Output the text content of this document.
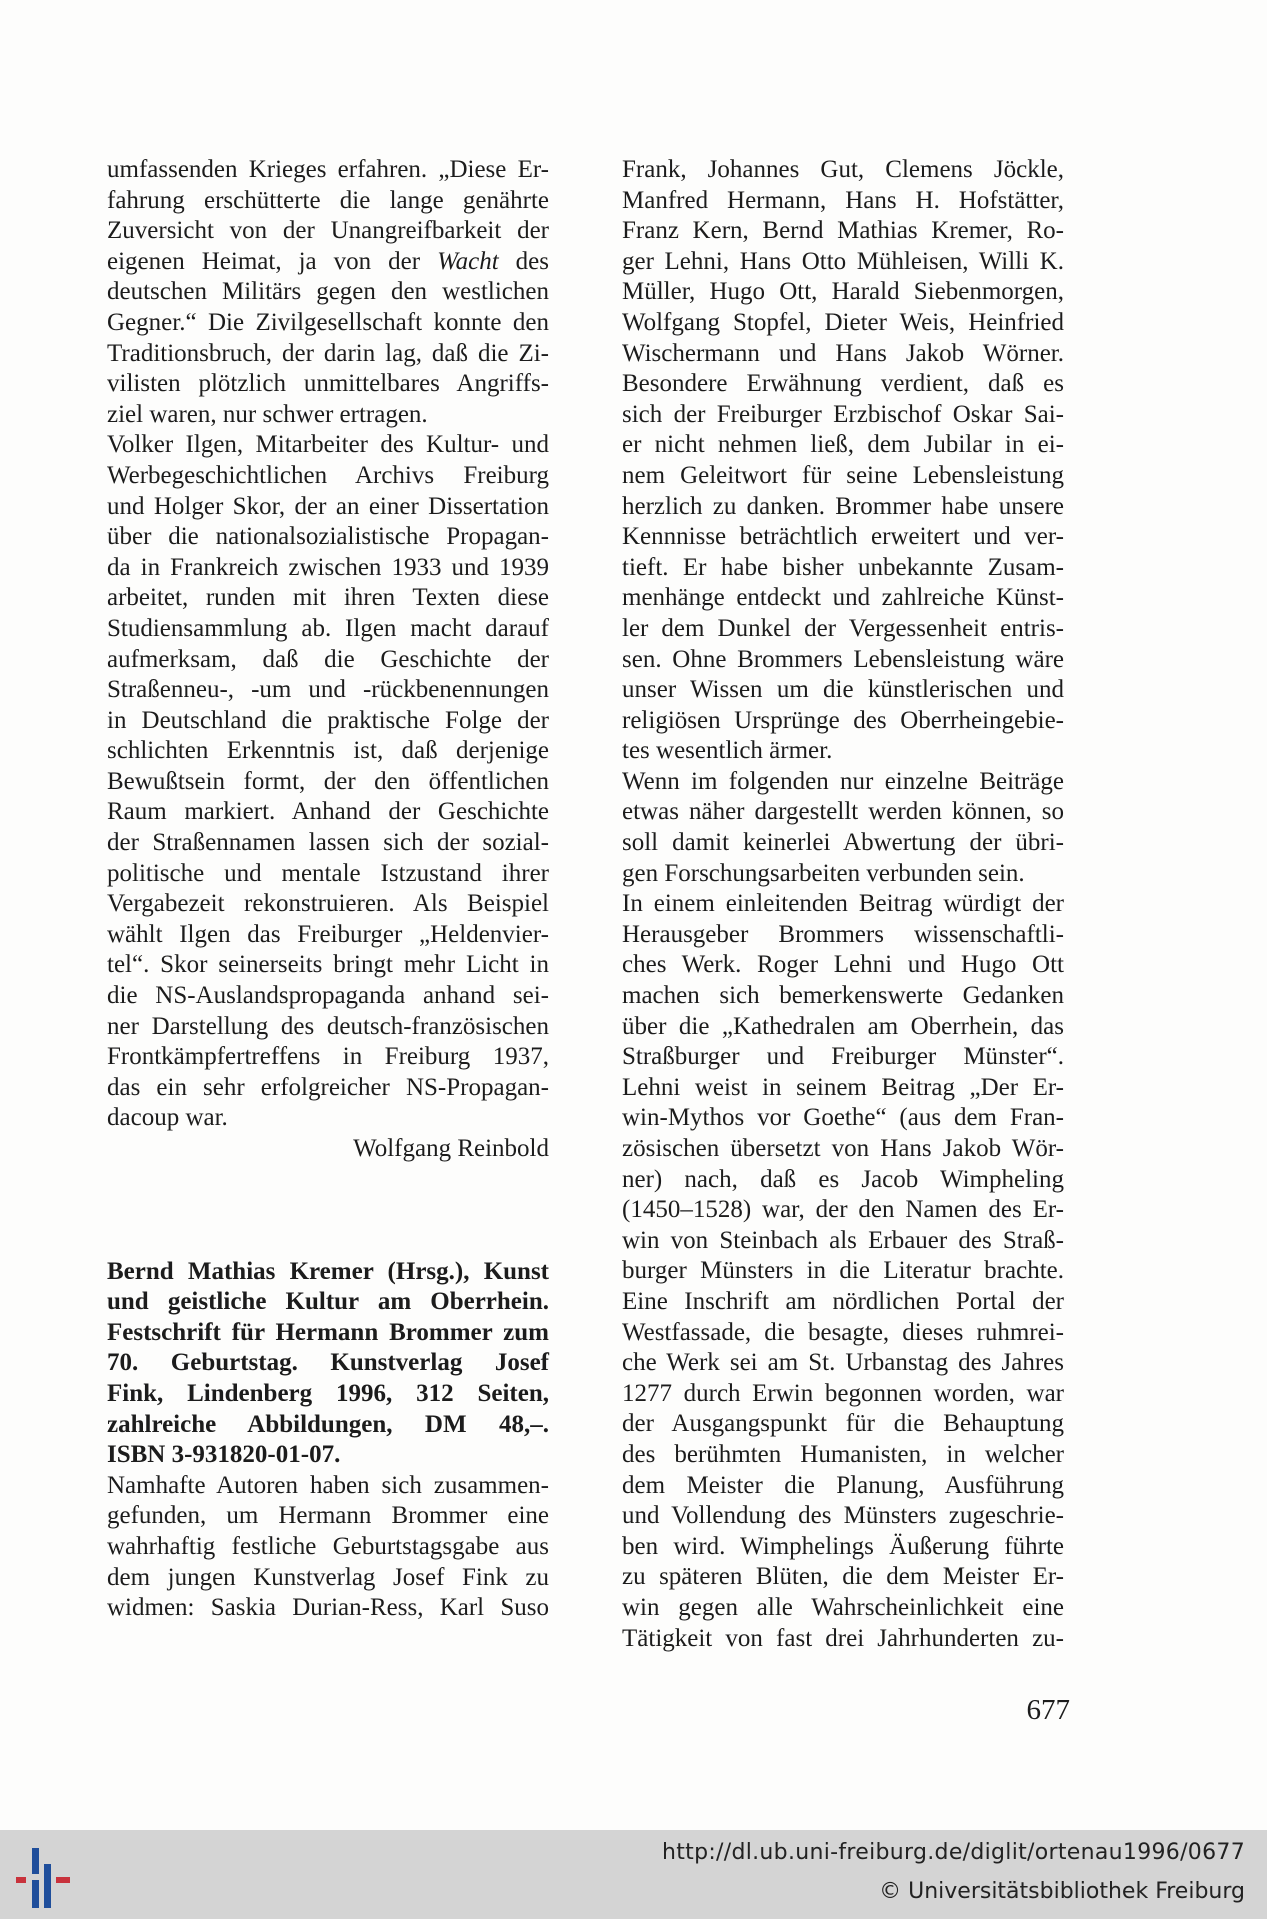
umfassenden Krieges erfahren. „Diese Er-
fahrung erschütterte die lange genährte
Zuversicht von der Unangreifbarkeit der
eigenen Heimat, ja von der Wacht des
deutschen Militärs gegen den westlichen
Gegner.“ Die Zivilgesellschaft konnte den
Traditionsbruch, der darin lag, daß die Zi-
vilisten plötzlich unmittelbares Angriffs-
ziel waren, nur schwer ertragen.
Volker Ilgen, Mitarbeiter des Kultur- und
Werbegeschichtlichen Archivs Freiburg
und Holger Skor, der an einer Dissertation
über die nationalsozialistische Propagan-
da in Frankreich zwischen 1933 und 1939
arbeitet, runden mit ihren Texten diese
Studiensammlung ab. Ilgen macht darauf
aufmerksam, daß die Geschichte der
Straßenneu-, -um und -rückbenennungen
in Deutschland die praktische Folge der
schlichten Erkenntnis ist, daß derjenige
Bewußtsein formt, der den öffentlichen
Raum markiert. Anhand der Geschichte
der Straßennamen lassen sich der sozial-
politische und mentale Istzustand ihrer
Vergabezeit rekonstruieren. Als Beispiel
wählt Ilgen das Freiburger „Heldenvier-
tel“. Skor seinerseits bringt mehr Licht in
die NS-Auslandspropaganda anhand sei-
ner Darstellung des deutsch-französischen
Frontkämpfertreffens in Freiburg 1937,
das ein sehr erfolgreicher NS-Propagan-
dacoup war.
Wolfgang Reinbold
Bernd Mathias Kremer (Hrsg.), Kunst
und geistliche Kultur am Oberrhein.
Festschrift für Hermann Brommer zum
70. Geburtstag. Kunstverlag Josef
Fink, Lindenberg 1996, 312 Seiten,
zahlreiche Abbildungen, DM 48,–.
ISBN 3-931820-01-07.
Namhafte Autoren haben sich zusammen-
gefunden, um Hermann Brommer eine
wahrhaftig festliche Geburtstagsgabe aus
dem jungen Kunstverlag Josef Fink zu
widmen: Saskia Durian-Ress, Karl Suso
Frank, Johannes Gut, Clemens Jöckle,
Manfred Hermann, Hans H. Hofstätter,
Franz Kern, Bernd Mathias Kremer, Ro-
ger Lehni, Hans Otto Mühleisen, Willi K.
Müller, Hugo Ott, Harald Siebenmorgen,
Wolfgang Stopfel, Dieter Weis, Heinfried
Wischermann und Hans Jakob Wörner.
Besondere Erwähnung verdient, daß es
sich der Freiburger Erzbischof Oskar Sai-
er nicht nehmen ließ, dem Jubilar in ei-
nem Geleitwort für seine Lebensleistung
herzlich zu danken. Brommer habe unsere
Kennnisse beträchtlich erweitert und ver-
tieft. Er habe bisher unbekannte Zusam-
menhänge entdeckt und zahlreiche Künst-
ler dem Dunkel der Vergessenheit entris-
sen. Ohne Brommers Lebensleistung wäre
unser Wissen um die künstlerischen und
religiösen Ursprünge des Oberrheingebie-
tes wesentlich ärmer.
Wenn im folgenden nur einzelne Beiträge
etwas näher dargestellt werden können, so
soll damit keinerlei Abwertung der übri-
gen Forschungsarbeiten verbunden sein.
In einem einleitenden Beitrag würdigt der
Herausgeber Brommers wissenschaftli-
ches Werk. Roger Lehni und Hugo Ott
machen sich bemerkenswerte Gedanken
über die „Kathedralen am Oberrhein, das
Straßburger und Freiburger Münster“.
Lehni weist in seinem Beitrag „Der Er-
win-Mythos vor Goethe“ (aus dem Fran-
zösischen übersetzt von Hans Jakob Wör-
ner) nach, daß es Jacob Wimpheling
(1450–1528) war, der den Namen des Er-
win von Steinbach als Erbauer des Straß-
burger Münsters in die Literatur brachte.
Eine Inschrift am nördlichen Portal der
Westfassade, die besagte, dieses ruhmrei-
che Werk sei am St. Urbanstag des Jahres
1277 durch Erwin begonnen worden, war
der Ausgangspunkt für die Behauptung
des berühmten Humanisten, in welcher
dem Meister die Planung, Ausführung
und Vollendung des Münsters zugeschrie-
ben wird. Wimphelings Äußerung führte
zu späteren Blüten, die dem Meister Er-
win gegen alle Wahrscheinlichkeit eine
Tätigkeit von fast drei Jahrhunderten zu-
677
http://dl.ub.uni-freiburg.de/diglit/ortenau1996/0677
© Universitätsbibliothek Freiburg
